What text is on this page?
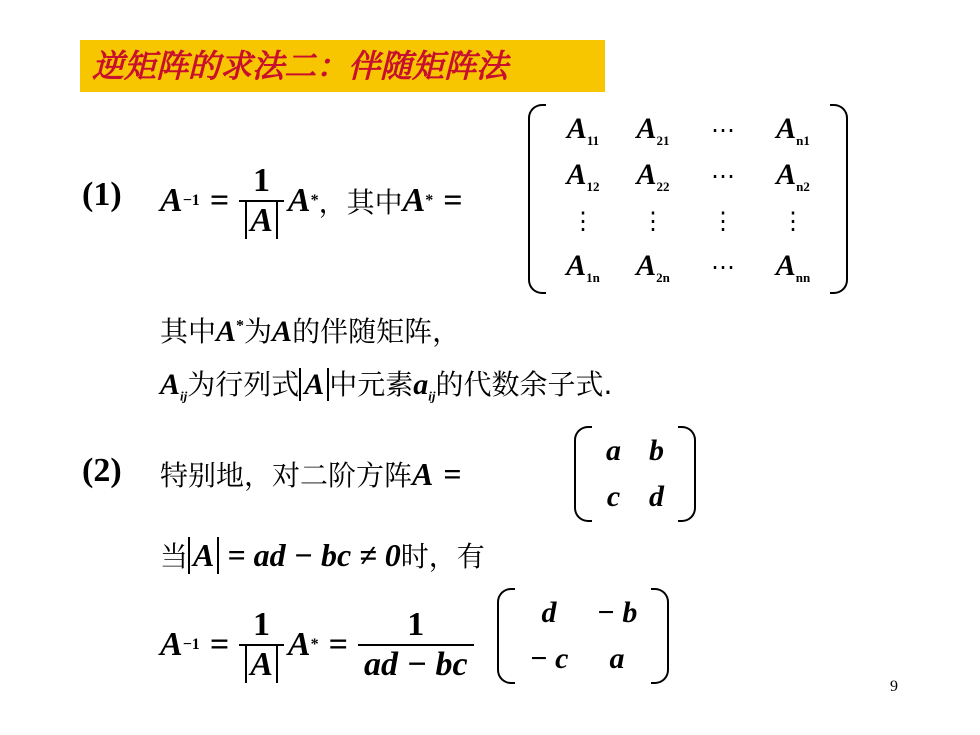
逆矩阵的求法二：伴随矩阵法
(1) $A -1 = \frac{1}{A}$ A * ，其中 A * =
$A_{11}$	$A_{21}$	⋯	$A_{n1}$
$A_{12}$	$A_{22}$	⋯	$A_{n2}$
⋮	⋮	⋮	⋮
$A_{1n}$	$A_{2n}$	⋯	$A_{nn}$
其中A*为A的伴随矩阵，
$A_{ij}$为行列式 A 中元素$a_{ij}$的代数余子式.
(2) 特别地，对二阶方阵 A =
a b
c d
当 A = ad − bc ≠ 0 时，有
$A -1 = \frac{1}{A}$ A * = $\frac{1}{ad - bc}$	d	− b
− c	a
9
